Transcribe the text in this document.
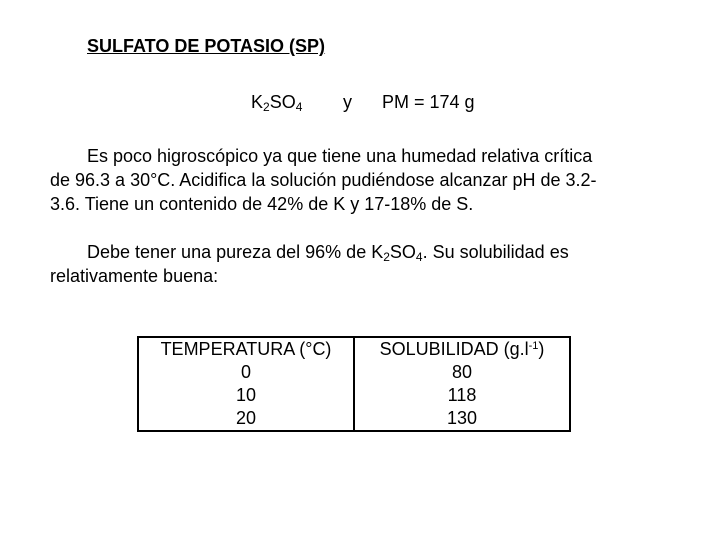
SULFATO DE POTASIO (SP)
$K_2SO_4$ y PM = 174 g
Es poco higroscópico ya que tiene una humedad relativa crítica
de 96.3 a 30°C. Acidifica la solución pudiéndose alcanzar pH de 3.2-
3.6. Tiene un contenido de 42% de K y 17-18% de S.
Debe tener una pureza del 96% de $K_2SO_4$. Su solubilidad es
relativamente buena:
TEMPERATURA (°C)	SOLUBILIDAD $(g.l^{-1})$
0	80
10	118
20	130
